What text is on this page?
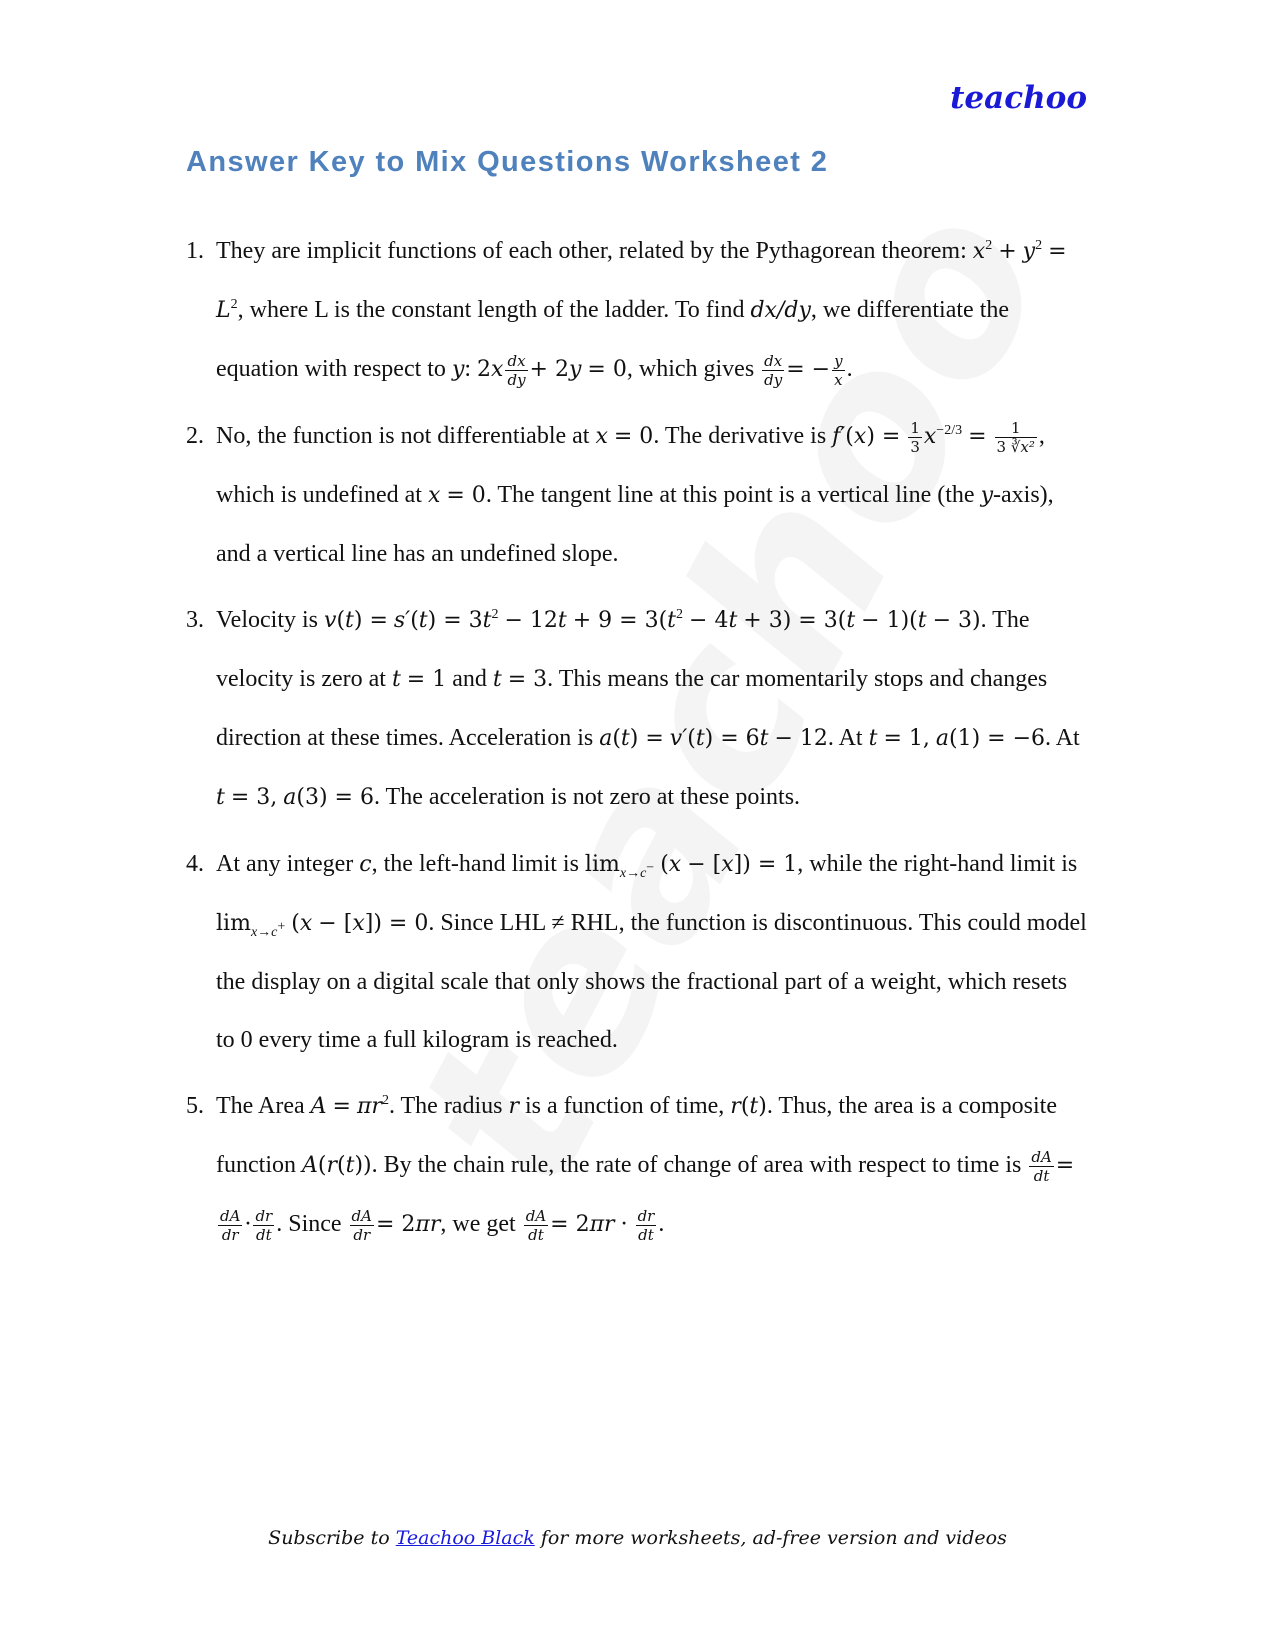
teachoo
Answer Key to Mix Questions Worksheet 2
1. They are implicit functions of each other, related by the Pythagorean theorem: $x^2 + y^2 = L^2$, where L is the constant length of the ladder. To find dx/dy, we differentiate the equation with respect to y: $2x \frac{dx}{dy} + 2y = 0$, which gives $\frac{dx}{dy}$ = − $\frac{y}{x}$ .
2. No, the function is not differentiable at x = 0. The derivative is $f'(x) = \frac{1}{3} x^{-2/3} = \frac{1}{\text{3 ∛x²}}$ , which is undefined at x = 0. The tangent line at this point is a vertical line (the y-axis), and a vertical line has an undefined slope.
3. Velocity is $v(t) = s'(t) = 3t^2 - 12t + 9 = 3(t^2 - 4t + 3) = 3(t - 1)(t - 3)$. The velocity is zero at t = 1 and t = 3. This means the car momentarily stops and changes direction at these times. Acceleration is a(t) = v′(t) = 6t − 12. At t = 1, a(1) = −6. At t = 3, a(3) = 6. The acceleration is not zero at these points.
4. At any integer c, the left-hand limit is $\lim_{x\to c^-} (x - [x]) = 1$, while the right-hand limit is $\lim_{x\to c^+} (x - [x]) = 0$. Since LHL ≠ RHL, the function is discontinuous. This could model the display on a digital scale that only shows the fractional part of a weight, which resets to 0 every time a full kilogram is reached.
5. The Area $A = \pi r^2$. The radius r is a function of time, r(t). Thus, the area is a composite function A(r(t)). By the chain rule, the rate of change of area with respect to time is $\frac{dA}{dt}$ =
$\frac{dA}{dr} \cdot \frac{dr}{dt}$ . Since $\frac{dA}{dr} = 2\pi r$, we get $\frac{dA}{dt} = 2\pi r \cdot \frac{dr}{dt}$ .
Subscribe to Teachoo Black for more worksheets, ad-free version and videos
